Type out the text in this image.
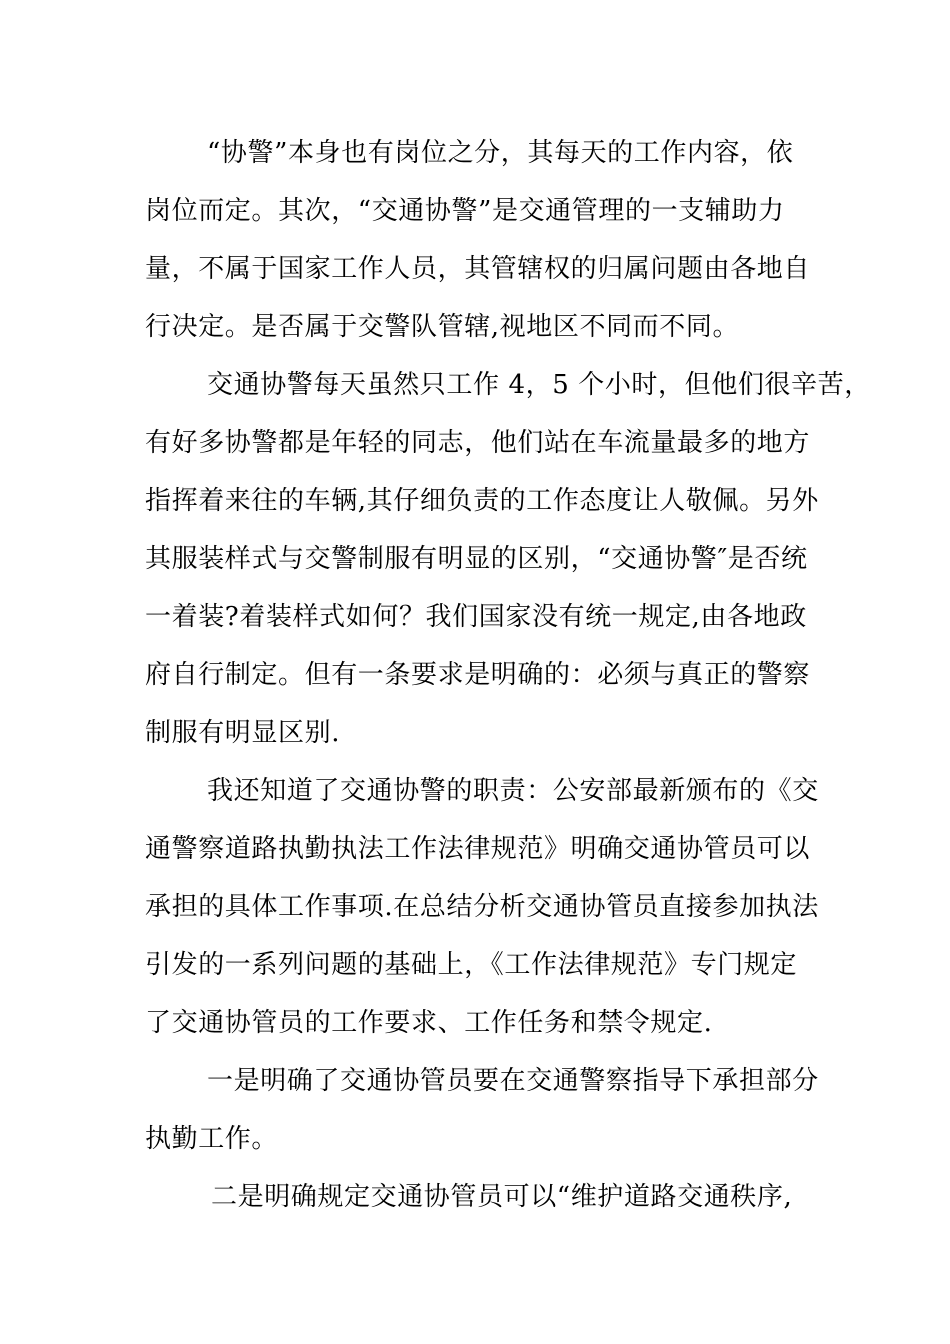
“协警”本身也有岗位之分，其每天的工作内容，依
岗位而定。其次，“交通协警”是交通管理的一支辅助力
量，不属于国家工作人员，其管辖权的归属问题由各地自
行决定。是否属于交警队管辖,视地区不同而不同。
交通协警每天虽然只工作 4，5 个小时，但他们很辛苦，
有好多协警都是年轻的同志，他们站在车流量最多的地方
指挥着来往的车辆,其仔细负责的工作态度让人敬佩。另外
其服装样式与交警制服有明显的区别，“交通协警″是否统
一着装?着装样式如何？我们国家没有统一规定,由各地政
府自行制定。但有一条要求是明确的：必须与真正的警察
制服有明显区别.
我还知道了交通协警的职责：公安部最新颁布的《交
通警察道路执勤执法工作法律规范》明确交通协管员可以
承担的具体工作事项.在总结分析交通协管员直接参加执法
引发的一系列问题的基础上，《工作法律规范》专门规定
了交通协管员的工作要求、工作任务和禁令规定.
一是明确了交通协管员要在交通警察指导下承担部分
执勤工作。
二是明确规定交通协管员可以“维护道路交通秩序,
